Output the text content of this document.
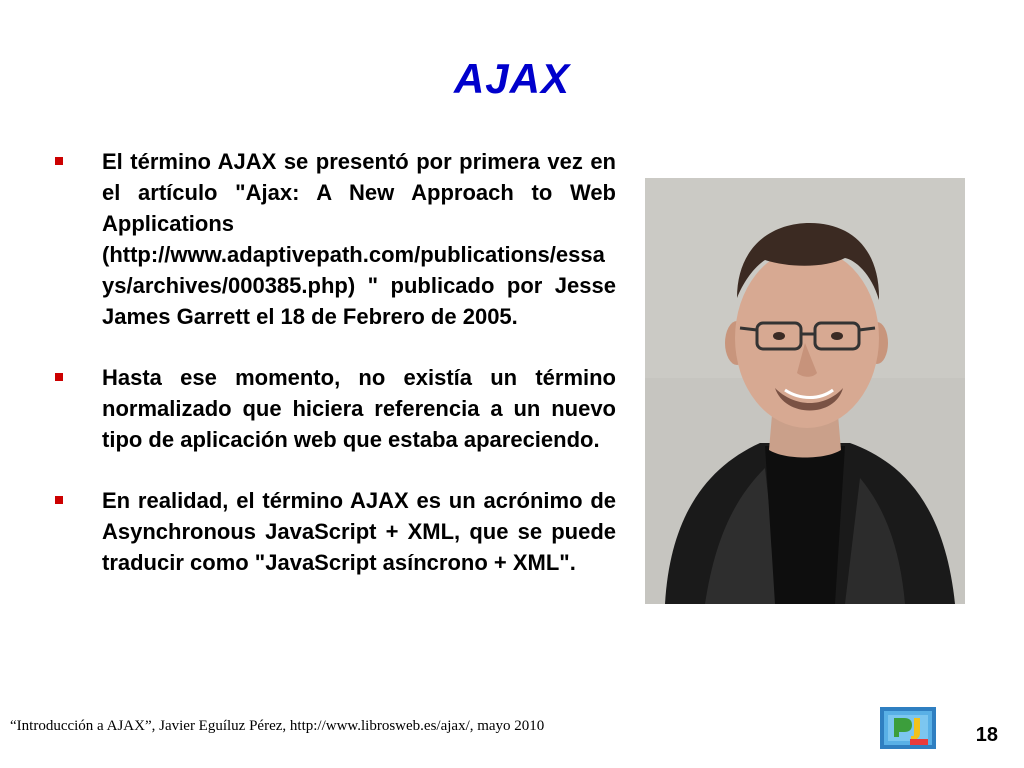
AJAX
El término AJAX se presentó por primera vez en el artículo "Ajax: A New Approach to Web Applications (http://www.adaptivepath.com/publications/essays/archives/000385.php) " publicado por Jesse James Garrett el 18 de Febrero de 2005.
Hasta ese momento, no existía un término normalizado que hiciera referencia a un nuevo tipo de aplicación web que estaba apareciendo.
En realidad, el término AJAX es un acrónimo de Asynchronous JavaScript + XML, que se puede traducir como "JavaScript asíncrono + XML".
“Introducción a AJAX”, Javier Eguíluz Pérez, http://www.librosweb.es/ajax/, mayo 2010	18
